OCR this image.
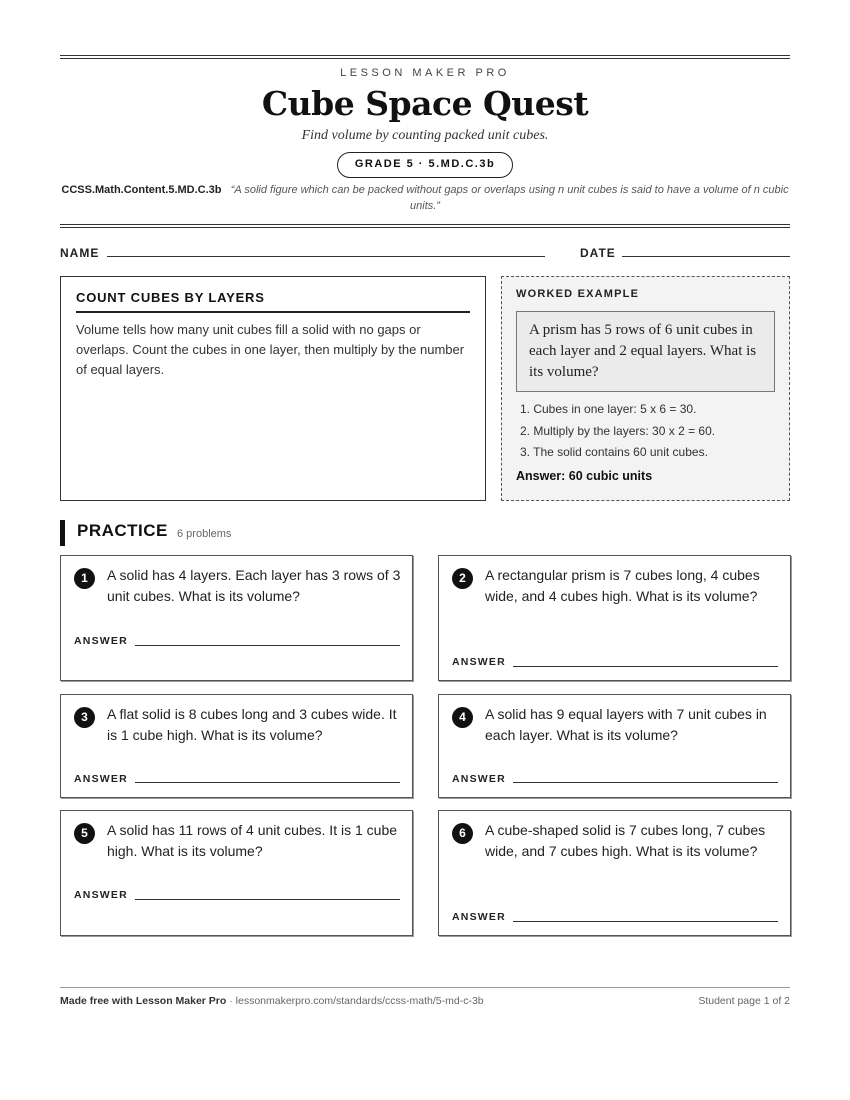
LESSON MAKER PRO
Cube Space Quest
Find volume by counting packed unit cubes.
GRADE 5 · 5.MD.C.3b
CCSS.Math.Content.5.MD.C.3b “A solid figure which can be packed without gaps or overlaps using n unit cubes is said to have a volume of n cubic units.”
NAME	DATE
COUNT CUBES BY LAYERS

Volume tells how many unit cubes fill a solid with no gaps or overlaps. Count the cubes in one layer, then multiply by the number of equal layers.

WORKED EXAMPLE
A prism has 5 rows of 6 unit cubes in each layer and 2 equal layers. What is its volume?
1. Cubes in one layer: 5 x 6 = 30.
2. Multiply by the layers: 30 x 2 = 60.
3. The solid contains 60 unit cubes.
Answer: 60 cubic units
PRACTICE 6 problems
1	A solid has 4 layers. Each layer has 3 rows of 3 unit cubes. What is its volume?

ANSWER
2	A rectangular prism is 7 cubes long, 4 cubes wide, and 4 cubes high. What is its volume?

ANSWER
3	A flat solid is 8 cubes long and 3 cubes wide. It is 1 cube high. What is its volume?

ANSWER
4	A solid has 9 equal layers with 7 unit cubes in each layer. What is its volume?

ANSWER
5	A solid has 11 rows of 4 unit cubes. It is 1 cube high. What is its volume?

ANSWER
6	A cube-shaped solid is 7 cubes long, 7 cubes wide, and 7 cubes high. What is its volume?

ANSWER
Made free with Lesson Maker Pro · lessonmakerpro.com/standards/ccss-math/5-md-c-3b	Student page 1 of 2
